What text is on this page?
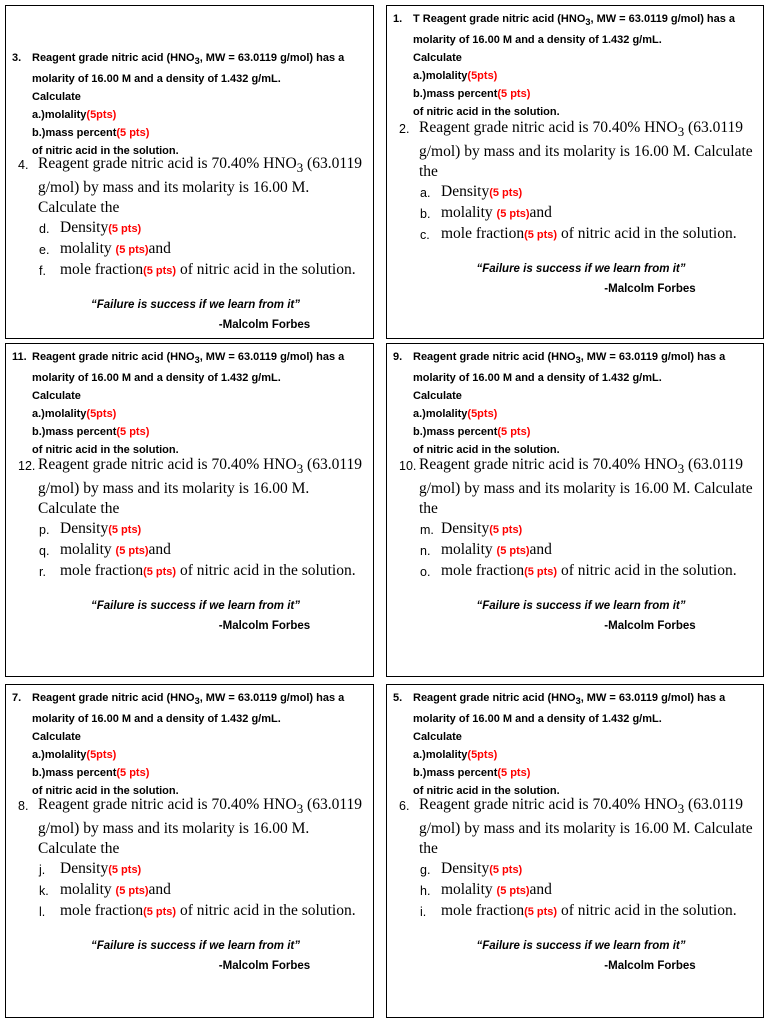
3. Reagent grade nitric acid ($HNO_3$, MW = 63.0119 g/mol) has a molarity of 16.00 M and a density of 1.432 g/mL.
Calculate
a.)molality(5pts)
b.)mass percent(5 pts)
of nitric acid in the solution.
4. Reagent grade nitric acid is 70.40% $HNO_3$ (63.0119 g/mol) by mass and its molarity is 16.00 M. Calculate the
d. Density(5 pts)
e. molality (5 pts)and
f. mole fraction(5 pts) of nitric acid in the solution.
“Failure is success if we learn from it”
-Malcolm Forbes
1. T Reagent grade nitric acid ($HNO_3$, MW = 63.0119 g/mol) has a molarity of 16.00 M and a density of 1.432 g/mL.
Calculate
a.)molality(5pts)
b.)mass percent(5 pts)
of nitric acid in the solution.
2. Reagent grade nitric acid is 70.40% $HNO_3$ (63.0119 g/mol) by mass and its molarity is 16.00 M. Calculate the
a. Density(5 pts)
b. molality (5 pts)and
c. mole fraction(5 pts) of nitric acid in the solution.
“Failure is success if we learn from it”
-Malcolm Forbes
11. Reagent grade nitric acid ($HNO_3$, MW = 63.0119 g/mol) has a molarity of 16.00 M and a density of 1.432 g/mL.
Calculate
a.)molality(5pts)
b.)mass percent(5 pts)
of nitric acid in the solution.
12. Reagent grade nitric acid is 70.40% $HNO_3$ (63.0119 g/mol) by mass and its molarity is 16.00 M. Calculate the
p. Density(5 pts)
q. molality (5 pts)and
r. mole fraction(5 pts) of nitric acid in the solution.
“Failure is success if we learn from it”
-Malcolm Forbes
9. Reagent grade nitric acid ($HNO_3$, MW = 63.0119 g/mol) has a molarity of 16.00 M and a density of 1.432 g/mL.
Calculate
a.)molality(5pts)
b.)mass percent(5 pts)
of nitric acid in the solution.
10. Reagent grade nitric acid is 70.40% $HNO_3$ (63.0119 g/mol) by mass and its molarity is 16.00 M. Calculate the
m. Density(5 pts)
n. molality (5 pts)and
o. mole fraction(5 pts) of nitric acid in the solution.
“Failure is success if we learn from it”
-Malcolm Forbes
7. Reagent grade nitric acid ($HNO_3$, MW = 63.0119 g/mol) has a molarity of 16.00 M and a density of 1.432 g/mL.
Calculate
a.)molality(5pts)
b.)mass percent(5 pts)
of nitric acid in the solution.
8. Reagent grade nitric acid is 70.40% $HNO_3$ (63.0119 g/mol) by mass and its molarity is 16.00 M. Calculate the
j. Density(5 pts)
k. molality (5 pts)and
l. mole fraction(5 pts) of nitric acid in the solution.
“Failure is success if we learn from it”
-Malcolm Forbes
5. Reagent grade nitric acid ($HNO_3$, MW = 63.0119 g/mol) has a molarity of 16.00 M and a density of 1.432 g/mL.
Calculate
a.)molality(5pts)
b.)mass percent(5 pts)
of nitric acid in the solution.
6. Reagent grade nitric acid is 70.40% $HNO_3$ (63.0119 g/mol) by mass and its molarity is 16.00 M. Calculate the
g. Density(5 pts)
h. molality (5 pts)and
i. mole fraction(5 pts) of nitric acid in the solution.
“Failure is success if we learn from it”
-Malcolm Forbes
